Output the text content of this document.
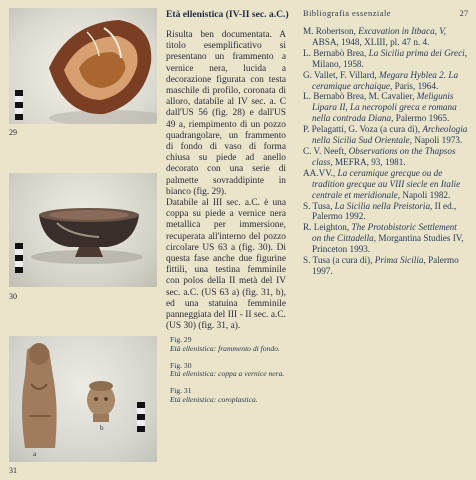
29
30
a
b
31
Età ellenistica (IV-II sec. a.C.)

Risulta ben documentata. A titolo esemplificativo si presentano un frammento a vernice nera, lucida a decorazione figurata con testa maschile di profilo, coronata di alloro, databile al IV sec. a. C dall'US 56 (fig. 28) e dall'US 49 a, riempimento di un pozzo quadrangolare, un frammento di fondo di vaso di forma chiusa su piede ad anello decorato con una serie di palmette sovraddipinte in bianco (fig. 29).

Databile al III sec. a.C. è una coppa su piede a vernice nera metallica per immersione, recuperata all'interno del pozzo circolare US 63 a (fig. 30). Di questa fase anche due figurine fittili, una testina femminile con polos della II metà del IV sec. a.C. (US 63 a) (fig. 31, b), ed una statuina femminile panneggiata del III - II sec. a.C. (US 30) (fig. 31, a).

Fig. 29
Età ellenistica: frammento di fondo.
Fig. 30
Età ellenistica: coppa a vernice nera.
Fig. 31
Età ellenistica: coroplastica.
Bibliografia essenziale	27

M. Robertson, Excavation in Itbaca, V, ABSA, 1948, XLIII, pl. 47 n. 4.

L. Bernabò Brea, La Sicilia prima dei Greci, Milano, 1958.

G. Vallet, F. Villard, Megara Hyblea 2. La ceramique archaique, Paris, 1964.

L. Bernabò Brea, M. Cavalier, Meligunis Lipara II, La necropoli greca e romana nella contrada Diana, Palermo 1965.

P. Pelagatti, G. Voza (a cura di), Archeologia nella Sicilia Sud Orientale, Napoli 1973.

C. V. Neeft, Observations on the Thapsos class, MEFRA, 93, 1981.

AA.VV., La ceramique grecque ou de tradition grecque au VIII siecle en Italie centrale et meridionale, Napoli 1982.

S. Tusa, La Sicilia nella Preistoria, II ed., Palermo 1992.

R. Leighton, The Protobistoric Settlement on the Cittadella, Morgantina Studies IV, Princeton 1993.

S. Tusa (a cura di), Prima Sicilia, Palermo 1997.
